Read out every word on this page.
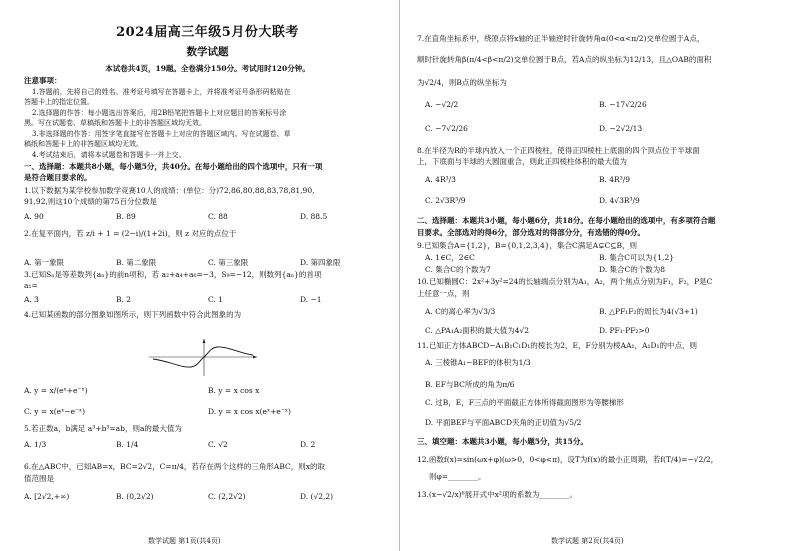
2024届高三年级5月份大联考
数学试题
本试卷共4页，19题。全卷满分150分。考试用时120分钟。
注意事项：
1.答题前，先将自己的姓名、准考证号填写在答题卡上，并将准考证号条形码粘贴在
答题卡上的指定位置。
2.选择题的作答：每小题选出答案后，用2B铅笔把答题卡上对应题目的答案标号涂
黑。写在试题卷、草稿纸和答题卡上的非答题区域均无效。
3.非选择题的作答：用签字笔直接写在答题卡上对应的答题区域内。写在试题卷、草
稿纸和答题卡上的非答题区域均无效。
4.考试结束后，请将本试题卷和答题卡一并上交。
一、选择题：本题共8小题，每小题5分，共40分。在每小题给出的四个选项中，只有一项
是符合题目要求的。
1.以下数据为某学校参加数学竞赛10人的成绩：(单位：分)72,86,80,88,83,78,81,90,
91,92,则这10个成绩的第75百分位数是
A. 90	B. 89	C. 88	D. 88.5
2.在复平面内，若 z/i + 1 = (2−i)/(1+2i)，则 z 对应的点位于
A. 第一象限	B. 第二象限	C. 第三象限	D. 第四象限
3.已知Sₙ是等差数列{aₙ}的前n项和，若 a₂+a₄+a₆=−3，S₉=−12，则数列{aₙ}的首项
a₁=
A. 3	B. 2	C. 1	D. −1
4.已知某函数的部分图象如图所示，则下列函数中符合此图象的为
A. y = x/(eˣ+e⁻ˣ)	B. y = x cos x
C. y = x(eˣ−e⁻ˣ)	D. y = x cos x(eˣ+e⁻ˣ)
5.若正数a，b满足 a³+b³=ab，则a的最大值为
A. 1/3	B. 1/4	C. √2	D. 2
6.在△ABC中，已知AB=x，BC=2√2，C=π/4，若存在两个这样的三角形ABC，则x的取
值范围是
A. [2√2,+∞)	B. (0,2√2)	C. (2,2√2)	D. (√2,2)
数学试题 第1页(共4页)
7.在直角坐标系中，绕原点将x轴的正半轴逆时针旋转角α(0<α<π/2)交单位圆于A点，
顺时针旋转角β(π/4<β<π/2)交单位圆于B点，若A点的纵坐标为12/13，且△OAB的面积
为√2/4，则B点的纵坐标为
A. −√2/2	B. −17√2/26
C. −7√2/26	D. −2√2/13
8.在半径为R的半球内放入一个正四棱柱，使得正四棱柱上底面的四个顶点位于半球面
上，下底面与半球的大圆面重合，则此正四棱柱体积的最大值为
A. 4R³/3	B. 4R³/9
C. 2√3R³/9	D. 4√3R³/9
二、选择题：本题共3小题，每小题6分，共18分。在每小题给出的选项中，有多项符合题
目要求。全部选对的得6分，部分选对的得部分分，有选错的得0分。
9.已知集合A={1,2}，B={0,1,2,3,4}，集合C满足A⊊C⊆B，则
A. 1∈C，2∈C	B. 集合C可以为{1,2}
C. 集合C的个数为7	D. 集合C的个数为8
10.已知椭圆C：2x²+3y²=24的长轴端点分别为A₁，A₂，两个焦点分别为F₁，F₂，P是C
上任意一点，则
A. C的离心率为√3/3	B. △PF₁F₂的周长为4(√3+1)
C. △PA₁A₂面积的最大值为4√2	D. PF₁·PF₂>0
11.已知正方体ABCD−A₁B₁C₁D₁的棱长为2，E，F分别为棱AA₁，A₁D₁的中点，则
A. 三棱锥A₁−BEF的体积为1/3
B. EF与BC所成的角为π/6
C. 过B，E，F三点的平面截正方体所得截面图形为等腰梯形
D. 平面BEF与平面ABCD夹角的正切值为√5/2
三、填空题：本题共3小题，每小题5分，共15分。
12.函数f(x)=sin(ωx+φ)(ω>0，0<φ<π)，设T为f(x)的最小正周期，若f(T/4)=−√2/2，
则φ=________。
13.(x−√2/x)⁶展开式中x²项的系数为________。
数学试题 第2页(共4页)
